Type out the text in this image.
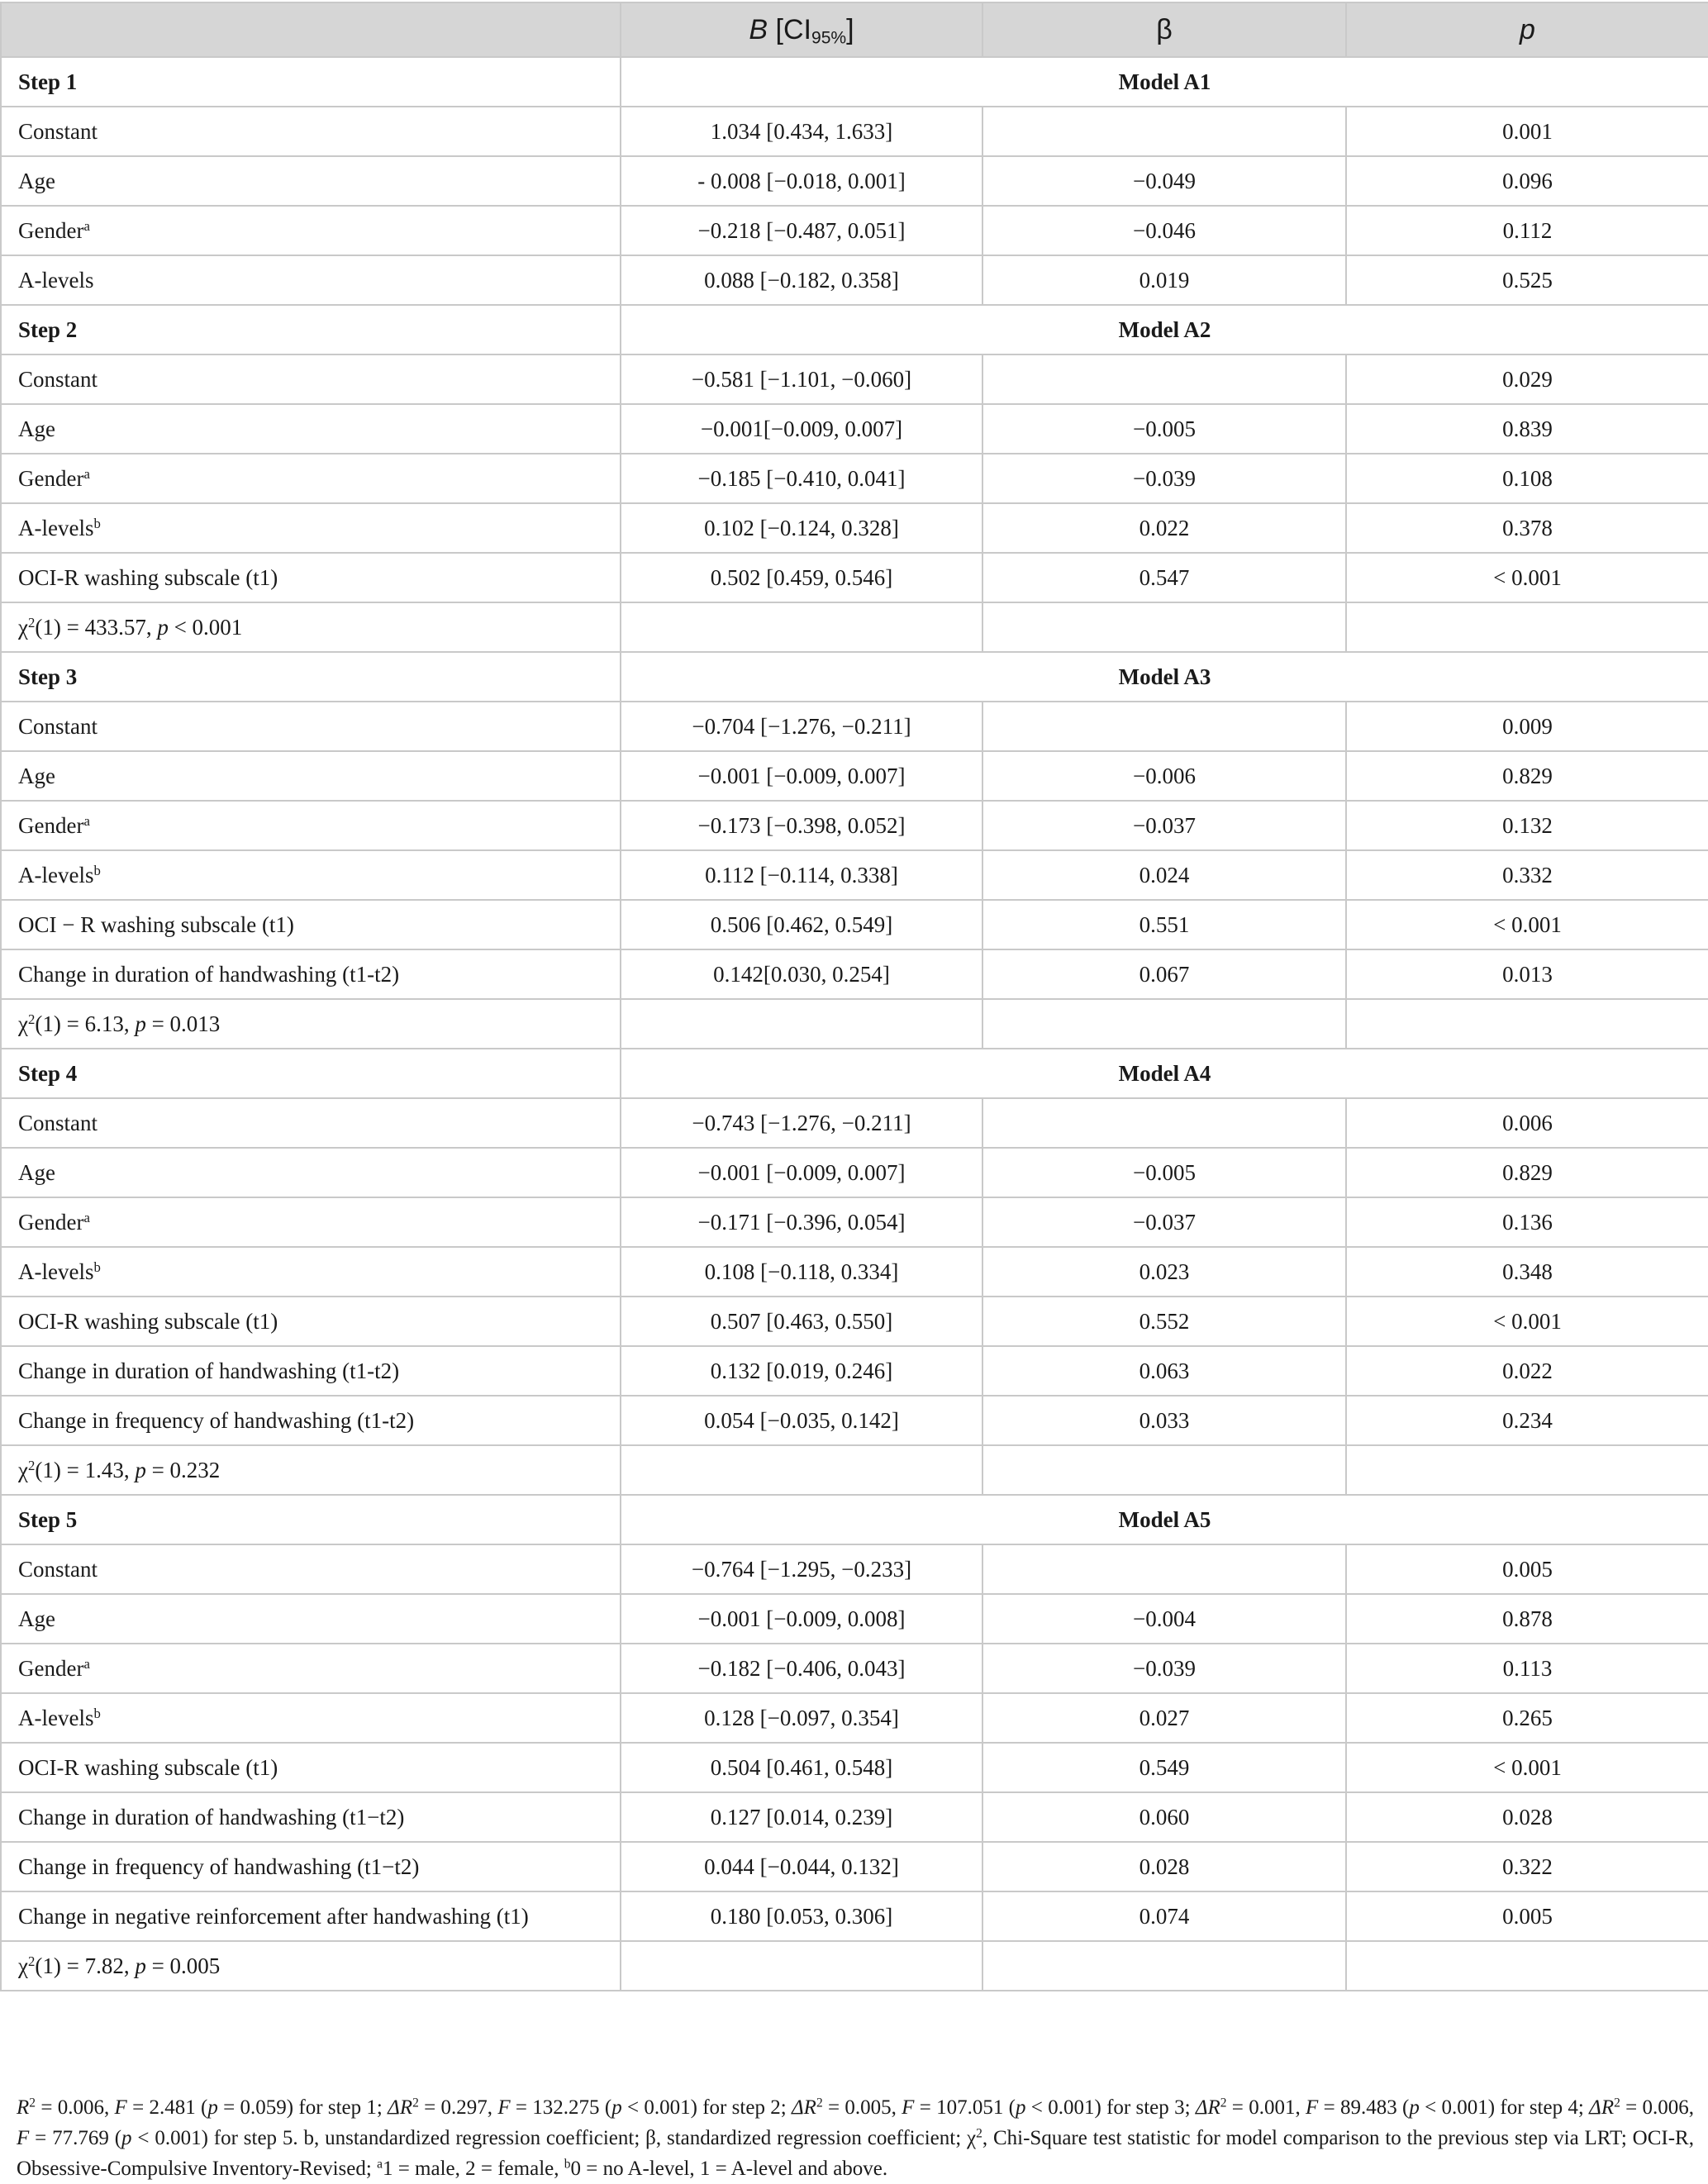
	B $[CI_{95\%}]$	β	p
Step 1	Model A1		
Constant	1.034 [0.434, 1.633]		0.001
Age	- 0.008 [−0.018, 0.001]	−0.049	0.096
Gender$^a$	−0.218 [−0.487, 0.051]	−0.046	0.112
A-levels	0.088 [−0.182, 0.358]	0.019	0.525
Step 2	Model A2		
Constant	−0.581 [−1.101, −0.060]		0.029
Age	−0.001[−0.009, 0.007]	−0.005	0.839
Gender$^a$	−0.185 [−0.410, 0.041]	−0.039	0.108
A-levels$^b$	0.102 [−0.124, 0.328]	0.022	0.378
OCI-R washing subscale (t1)	0.502 [0.459, 0.546]	0.547	< 0.001
$\chi^2(1) = 433.57$, p < 0.001			
Step 3	Model A3		
Constant	−0.704 [−1.276, −0.211]		0.009
Age	−0.001 [−0.009, 0.007]	−0.006	0.829
Gender$^a$	−0.173 [−0.398, 0.052]	−0.037	0.132
A-levels$^b$	0.112 [−0.114, 0.338]	0.024	0.332
OCI − R washing subscale (t1)	0.506 [0.462, 0.549]	0.551	< 0.001
Change in duration of handwashing (t1-t2)	0.142[0.030, 0.254]	0.067	0.013
$\chi^2(1) = 6.13$, p = 0.013			
Step 4	Model A4		
Constant	−0.743 [−1.276, −0.211]		0.006
Age	−0.001 [−0.009, 0.007]	−0.005	0.829
Gender$^a$	−0.171 [−0.396, 0.054]	−0.037	0.136
A-levels$^b$	0.108 [−0.118, 0.334]	0.023	0.348
OCI-R washing subscale (t1)	0.507 [0.463, 0.550]	0.552	< 0.001
Change in duration of handwashing (t1-t2)	0.132 [0.019, 0.246]	0.063	0.022
Change in frequency of handwashing (t1-t2)	0.054 [−0.035, 0.142]	0.033	0.234
$\chi^2(1) = 1.43$, p = 0.232			
Step 5	Model A5		
Constant	−0.764 [−1.295, −0.233]		0.005
Age	−0.001 [−0.009, 0.008]	−0.004	0.878
Gender$^a$	−0.182 [−0.406, 0.043]	−0.039	0.113
A-levels$^b$	0.128 [−0.097, 0.354]	0.027	0.265
OCI-R washing subscale (t1)	0.504 [0.461, 0.548]	0.549	< 0.001
Change in duration of handwashing (t1−t2)	0.127 [0.014, 0.239]	0.060	0.028
Change in frequency of handwashing (t1−t2)	0.044 [−0.044, 0.132]	0.028	0.322
Change in negative reinforcement after handwashing (t1)	0.180 [0.053, 0.306]	0.074	0.005
$\chi^2(1) = 7.82$, p = 0.005			

$R^2 = 0.006$, F = 2.481 (p = 0.059) for step 1; $\Delta R^2 = 0.297$, F = 132.275 (p < 0.001) for step 2; $\Delta R^2 = 0.005$, F = 107.051 (p < 0.001) for step 3; $\Delta R^2 = 0.001$, F = 89.483 (p < 0.001) for step 4; $\Delta R^2 = 0.006$, F = 77.769 (p < 0.001) for step 5. b, unstandardized regression coefficient; β, standardized regression coefficient; $\chi^2$, Chi-Square test statistic for model comparison to the previous step via LRT; OCI-R, Obsessive-Compulsive Inventory-Revised; $^a$1 = male, 2 = female, $^b$0 = no A-level, 1 = A-level and above.
